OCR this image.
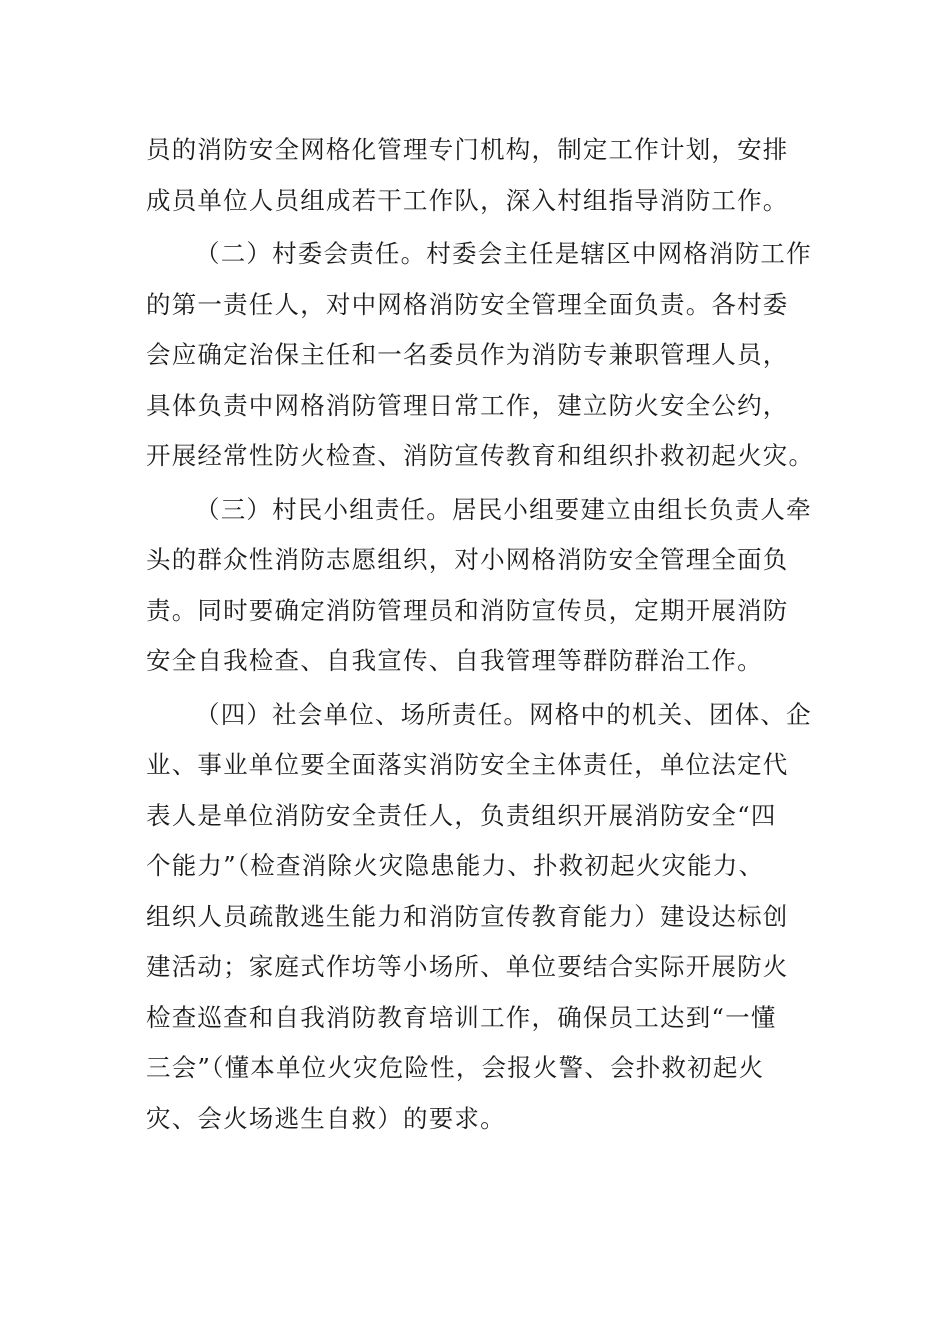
员的消防安全网格化管理专门机构，制定工作计划，安排
成员单位人员组成若干工作队，深入村组指导消防工作。
（二）村委会责任。村委会主任是辖区中网格消防工作
的第一责任人，对中网格消防安全管理全面负责。各村委
会应确定治保主任和一名委员作为消防专兼职管理人员，
具体负责中网格消防管理日常工作，建立防火安全公约，
开展经常性防火检查、消防宣传教育和组织扑救初起火灾。
（三）村民小组责任。居民小组要建立由组长负责人牵
头的群众性消防志愿组织，对小网格消防安全管理全面负
责。同时要确定消防管理员和消防宣传员，定期开展消防
安全自我检查、自我宣传、自我管理等群防群治工作。
（四）社会单位、场所责任。网格中的机关、团体、企
业、事业单位要全面落实消防安全主体责任，单位法定代
表人是单位消防安全责任人，负责组织开展消防安全“四
个能力”（检查消除火灾隐患能力、扑救初起火灾能力、
组织人员疏散逃生能力和消防宣传教育能力）建设达标创
建活动；家庭式作坊等小场所、单位要结合实际开展防火
检查巡查和自我消防教育培训工作，确保员工达到“一懂
三会”（懂本单位火灾危险性，会报火警、会扑救初起火
灾、会火场逃生自救）的要求。
